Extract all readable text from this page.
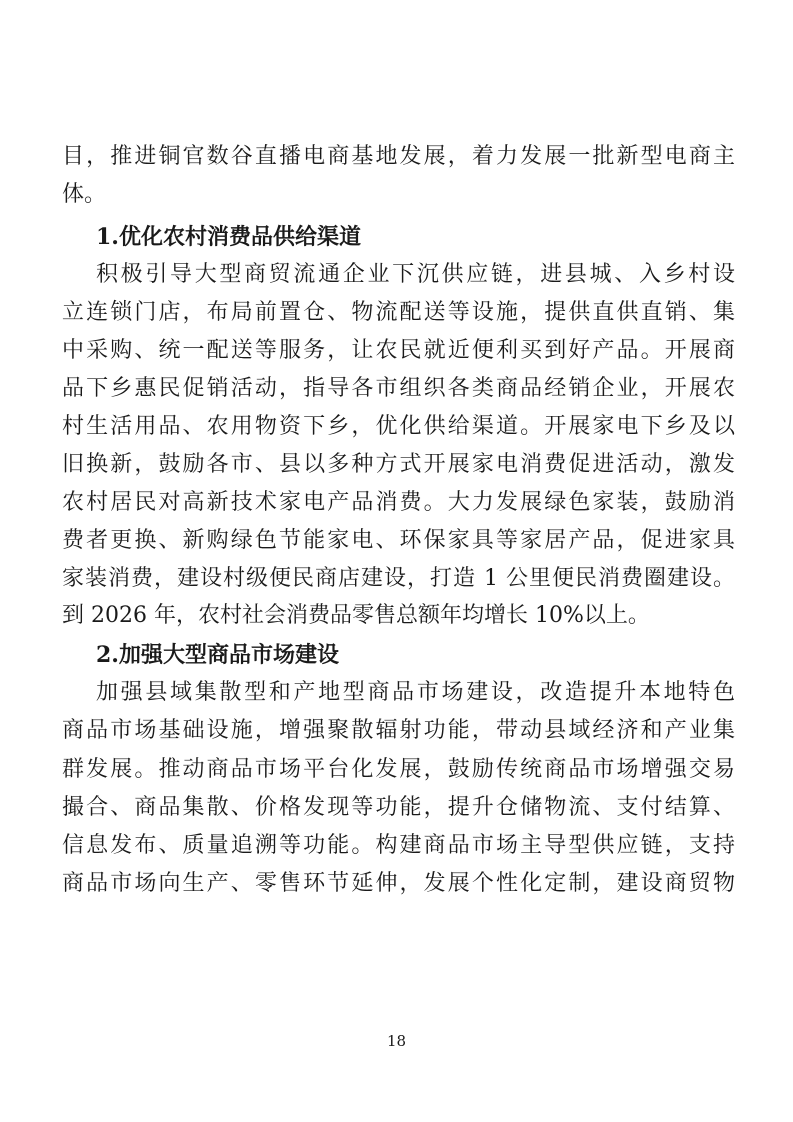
目，推进铜官数谷直播电商基地发展，着力发展一批新型电商主
体。
1.优化农村消费品供给渠道
积极引导大型商贸流通企业下沉供应链，进县城、入乡村设
立连锁门店，布局前置仓、物流配送等设施，提供直供直销、集
中采购、统一配送等服务，让农民就近便利买到好产品。开展商
品下乡惠民促销活动，指导各市组织各类商品经销企业，开展农
村生活用品、农用物资下乡，优化供给渠道。开展家电下乡及以
旧换新，鼓励各市、县以多种方式开展家电消费促进活动，激发
农村居民对高新技术家电产品消费。大力发展绿色家装，鼓励消
费者更换、新购绿色节能家电、环保家具等家居产品，促进家具
家装消费，建设村级便民商店建设，打造 1 公里便民消费圈建设。
到 2026 年，农村社会消费品零售总额年均增长 10%以上。
2.加强大型商品市场建设
加强县域集散型和产地型商品市场建设，改造提升本地特色
商品市场基础设施，增强聚散辐射功能，带动县域经济和产业集
群发展。推动商品市场平台化发展，鼓励传统商品市场增强交易
撮合、商品集散、价格发现等功能，提升仓储物流、支付结算、
信息发布、质量追溯等功能。构建商品市场主导型供应链，支持
商品市场向生产、零售环节延伸，发展个性化定制，建设商贸物
18
